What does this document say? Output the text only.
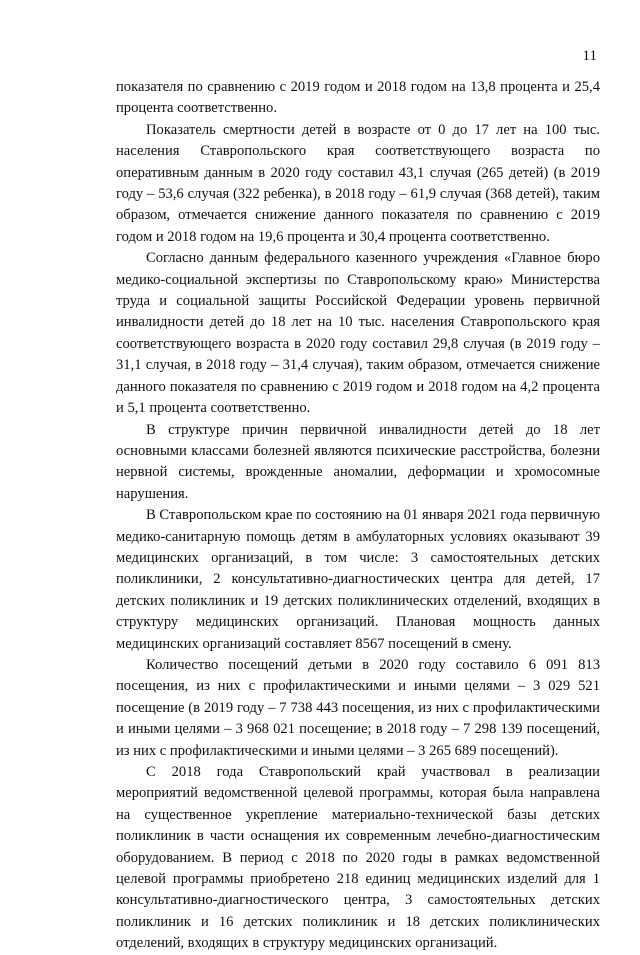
11

показателя по сравнению с 2019 годом и 2018 годом на 13,8 процента и 25,4 процента соответственно.

Показатель смертности детей в возрасте от 0 до 17 лет на 100 тыс. населения Ставропольского края соответствующего возраста по оперативным данным в 2020 году составил 43,1 случая (265 детей) (в 2019 году – 53,6 случая (322 ребенка), в 2018 году – 61,9 случая (368 детей), таким образом, отмечается снижение данного показателя по сравнению с 2019 годом и 2018 годом на 19,6 процента и 30,4 процента соответственно.

Согласно данным федерального казенного учреждения «Главное бюро медико-социальной экспертизы по Ставропольскому краю» Министерства труда и социальной защиты Российской Федерации уровень первичной инвалидности детей до 18 лет на 10 тыс. населения Ставропольского края соответствующего возраста в 2020 году составил 29,8 случая (в 2019 году – 31,1 случая, в 2018 году – 31,4 случая), таким образом, отмечается снижение данного показателя по сравнению с 2019 годом и 2018 годом на 4,2 процента и 5,1 процента соответственно.

В структуре причин первичной инвалидности детей до 18 лет основными классами болезней являются психические расстройства, болезни нервной системы, врожденные аномалии, деформации и хромосомные нарушения.

В Ставропольском крае по состоянию на 01 января 2021 года первичную медико-санитарную помощь детям в амбулаторных условиях оказывают 39 медицинских организаций, в том числе: 3 самостоятельных детских поликлиники, 2 консультативно-диагностических центра для детей, 17 детских поликлиник и 19 детских поликлинических отделений, входящих в структуру медицинских организаций. Плановая мощность данных медицинских организаций составляет 8567 посещений в смену.

Количество посещений детьми в 2020 году составило 6 091 813 посещения, из них с профилактическими и иными целями – 3 029 521 посещение (в 2019 году – 7 738 443 посещения, из них с профилактическими и иными целями – 3 968 021 посещение; в 2018 году – 7 298 139 посещений, из них с профилактическими и иными целями – 3 265 689 посещений).

С 2018 года Ставропольский край участвовал в реализации мероприятий ведомственной целевой программы, которая была направлена на существенное укрепление материально-технической базы детских поликлиник в части оснащения их современным лечебно-диагностическим оборудованием. В период с 2018 по 2020 годы в рамках ведомственной целевой программы приобретено 218 единиц медицинских изделий для 1 консультативно-диагностического центра, 3 самостоятельных детских поликлиник и 16 детских поликлиник и 18 детских поликлинических отделений, входящих в структуру медицинских организаций.
